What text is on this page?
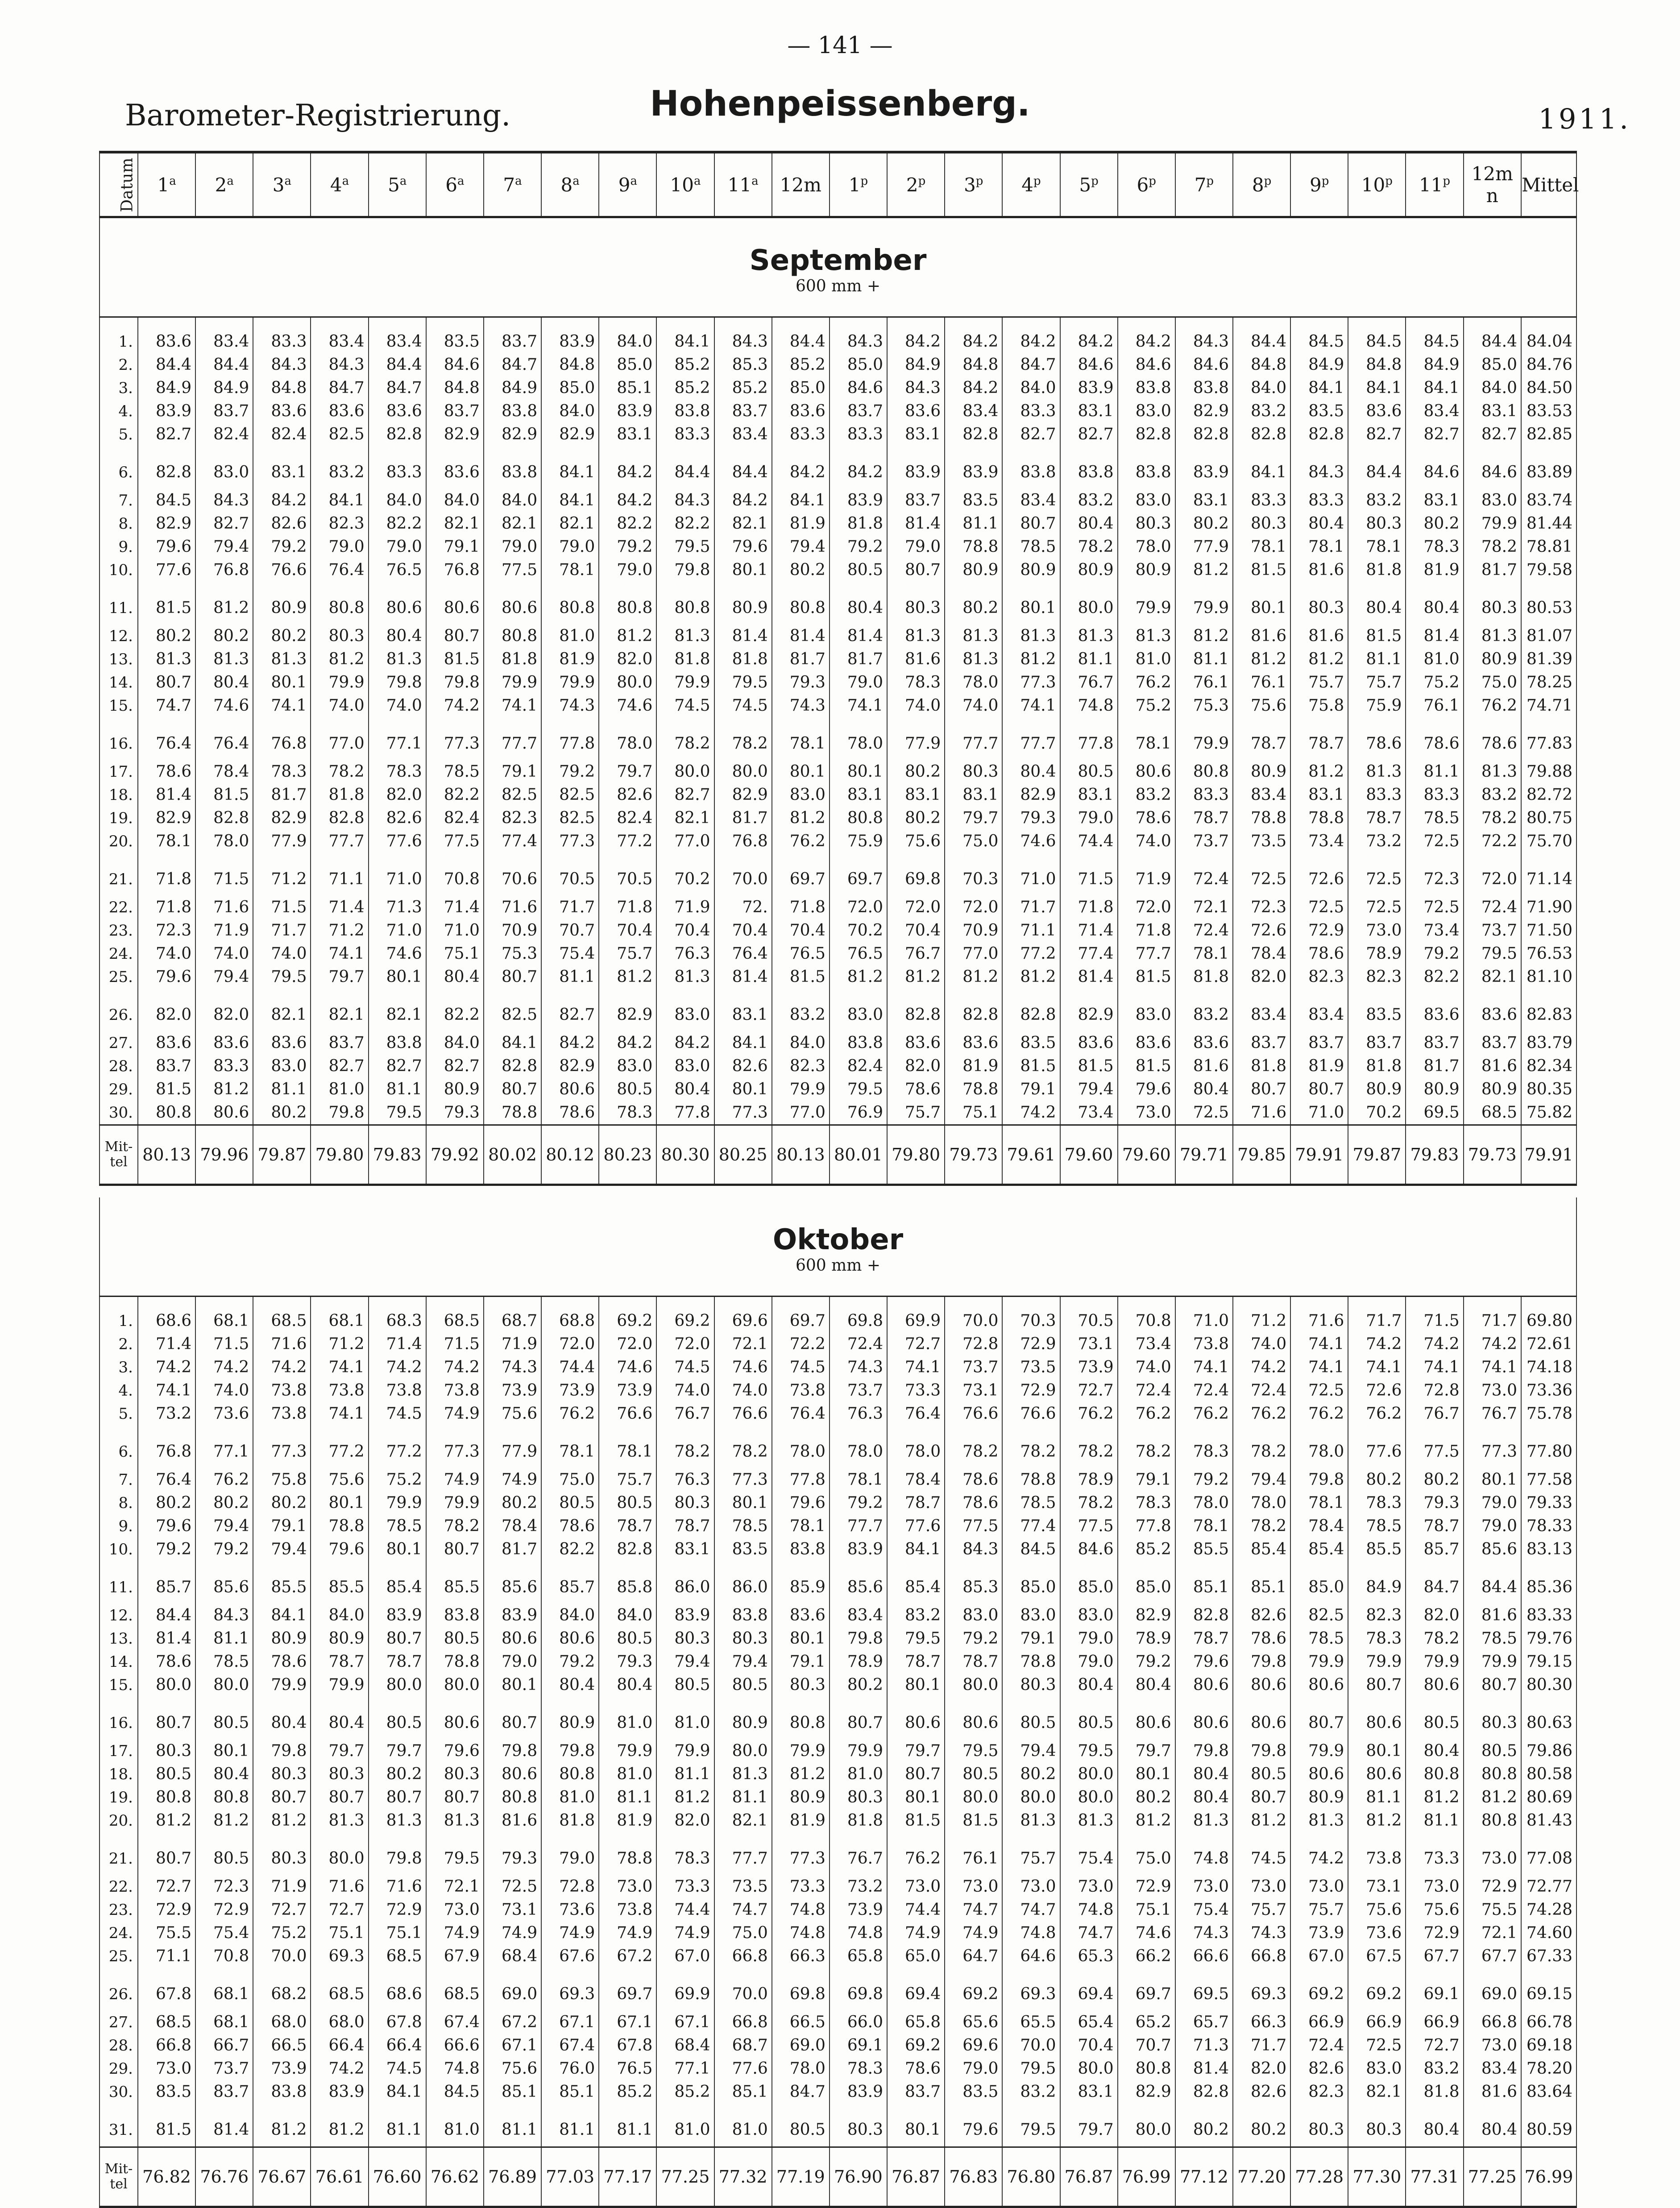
— 141 —
Barometer-Registrierung.	Hohenpeissenberg.	1911.
Datum	1$^a$	2$^a$	3$^a$	4$^a$	5$^a$	6$^a$	7$^a$	8$^a$	9$^a$	10$^a$	11$^a$	12m	1$^p$	2$^p$	3$^p$	4$^p$	5$^p$	6$^p$	7$^p$	8$^p$	9$^p$	10$^p$	11$^p$	12m n	Mittel

September
600 mm +																									

1.	83.6	83.4	83.3	83.4	83.4	83.5	83.7	83.9	84.0	84.1	84.3	84.4	84.3	84.2	84.2	84.2	84.2	84.2	84.3	84.4	84.5	84.5	84.5	84.4	84.04
2.	84.4	84.4	84.3	84.3	84.4	84.6	84.7	84.8	85.0	85.2	85.3	85.2	85.0	84.9	84.8	84.7	84.6	84.6	84.6	84.8	84.9	84.8	84.9	85.0	84.76
3.	84.9	84.9	84.8	84.7	84.7	84.8	84.9	85.0	85.1	85.2	85.2	85.0	84.6	84.3	84.2	84.0	83.9	83.8	83.8	84.0	84.1	84.1	84.1	84.0	84.50
4.	83.9	83.7	83.6	83.6	83.6	83.7	83.8	84.0	83.9	83.8	83.7	83.6	83.7	83.6	83.4	83.3	83.1	83.0	82.9	83.2	83.5	83.6	83.4	83.1	83.53
5.	82.7	82.4	82.4	82.5	82.8	82.9	82.9	82.9	83.1	83.3	83.4	83.3	83.3	83.1	82.8	82.7	82.7	82.8	82.8	82.8	82.8	82.7	82.7	82.7	82.85
6.	82.8	83.0	83.1	83.2	83.3	83.6	83.8	84.1	84.2	84.4	84.4	84.2	84.2	83.9	83.9	83.8	83.8	83.8	83.9	84.1	84.3	84.4	84.6	84.6	83.89
7.	84.5	84.3	84.2	84.1	84.0	84.0	84.0	84.1	84.2	84.3	84.2	84.1	83.9	83.7	83.5	83.4	83.2	83.0	83.1	83.3	83.3	83.2	83.1	83.0	83.74
8.	82.9	82.7	82.6	82.3	82.2	82.1	82.1	82.1	82.2	82.2	82.1	81.9	81.8	81.4	81.1	80.7	80.4	80.3	80.2	80.3	80.4	80.3	80.2	79.9	81.44
9.	79.6	79.4	79.2	79.0	79.0	79.1	79.0	79.0	79.2	79.5	79.6	79.4	79.2	79.0	78.8	78.5	78.2	78.0	77.9	78.1	78.1	78.1	78.3	78.2	78.81
10.	77.6	76.8	76.6	76.4	76.5	76.8	77.5	78.1	79.0	79.8	80.1	80.2	80.5	80.7	80.9	80.9	80.9	80.9	81.2	81.5	81.6	81.8	81.9	81.7	79.58
11.	81.5	81.2	80.9	80.8	80.6	80.6	80.6	80.8	80.8	80.8	80.9	80.8	80.4	80.3	80.2	80.1	80.0	79.9	79.9	80.1	80.3	80.4	80.4	80.3	80.53
12.	80.2	80.2	80.2	80.3	80.4	80.7	80.8	81.0	81.2	81.3	81.4	81.4	81.4	81.3	81.3	81.3	81.3	81.3	81.2	81.6	81.6	81.5	81.4	81.3	81.07
13.	81.3	81.3	81.3	81.2	81.3	81.5	81.8	81.9	82.0	81.8	81.8	81.7	81.7	81.6	81.3	81.2	81.1	81.0	81.1	81.2	81.2	81.1	81.0	80.9	81.39
14.	80.7	80.4	80.1	79.9	79.8	79.8	79.9	79.9	80.0	79.9	79.5	79.3	79.0	78.3	78.0	77.3	76.7	76.2	76.1	76.1	75.7	75.7	75.2	75.0	78.25
15.	74.7	74.6	74.1	74.0	74.0	74.2	74.1	74.3	74.6	74.5	74.5	74.3	74.1	74.0	74.0	74.1	74.8	75.2	75.3	75.6	75.8	75.9	76.1	76.2	74.71
16.	76.4	76.4	76.8	77.0	77.1	77.3	77.7	77.8	78.0	78.2	78.2	78.1	78.0	77.9	77.7	77.7	77.8	78.1	79.9	78.7	78.7	78.6	78.6	78.6	77.83
17.	78.6	78.4	78.3	78.2	78.3	78.5	79.1	79.2	79.7	80.0	80.0	80.1	80.1	80.2	80.3	80.4	80.5	80.6	80.8	80.9	81.2	81.3	81.1	81.3	79.88
18.	81.4	81.5	81.7	81.8	82.0	82.2	82.5	82.5	82.6	82.7	82.9	83.0	83.1	83.1	83.1	82.9	83.1	83.2	83.3	83.4	83.1	83.3	83.3	83.2	82.72
19.	82.9	82.8	82.9	82.8	82.6	82.4	82.3	82.5	82.4	82.1	81.7	81.2	80.8	80.2	79.7	79.3	79.0	78.6	78.7	78.8	78.8	78.7	78.5	78.2	80.75
20.	78.1	78.0	77.9	77.7	77.6	77.5	77.4	77.3	77.2	77.0	76.8	76.2	75.9	75.6	75.0	74.6	74.4	74.0	73.7	73.5	73.4	73.2	72.5	72.2	75.70
21.	71.8	71.5	71.2	71.1	71.0	70.8	70.6	70.5	70.5	70.2	70.0	69.7	69.7	69.8	70.3	71.0	71.5	71.9	72.4	72.5	72.6	72.5	72.3	72.0	71.14
22.	71.8	71.6	71.5	71.4	71.3	71.4	71.6	71.7	71.8	71.9	72.	71.8	72.0	72.0	72.0	71.7	71.8	72.0	72.1	72.3	72.5	72.5	72.5	72.4	71.90
23.	72.3	71.9	71.7	71.2	71.0	71.0	70.9	70.7	70.4	70.4	70.4	70.4	70.2	70.4	70.9	71.1	71.4	71.8	72.4	72.6	72.9	73.0	73.4	73.7	71.50
24.	74.0	74.0	74.0	74.1	74.6	75.1	75.3	75.4	75.7	76.3	76.4	76.5	76.5	76.7	77.0	77.2	77.4	77.7	78.1	78.4	78.6	78.9	79.2	79.5	76.53
25.	79.6	79.4	79.5	79.7	80.1	80.4	80.7	81.1	81.2	81.3	81.4	81.5	81.2	81.2	81.2	81.2	81.4	81.5	81.8	82.0	82.3	82.3	82.2	82.1	81.10
26.	82.0	82.0	82.1	82.1	82.1	82.2	82.5	82.7	82.9	83.0	83.1	83.2	83.0	82.8	82.8	82.8	82.9	83.0	83.2	83.4	83.4	83.5	83.6	83.6	82.83
27.	83.6	83.6	83.6	83.7	83.8	84.0	84.1	84.2	84.2	84.2	84.1	84.0	83.8	83.6	83.6	83.5	83.6	83.6	83.6	83.7	83.7	83.7	83.7	83.7	83.79
28.	83.7	83.3	83.0	82.7	82.7	82.7	82.8	82.9	83.0	83.0	82.6	82.3	82.4	82.0	81.9	81.5	81.5	81.5	81.6	81.8	81.9	81.8	81.7	81.6	82.34
29.	81.5	81.2	81.1	81.0	81.1	80.9	80.7	80.6	80.5	80.4	80.1	79.9	79.5	78.6	78.8	79.1	79.4	79.6	80.4	80.7	80.7	80.9	80.9	80.9	80.35
30.	80.8	80.6	80.2	79.8	79.5	79.3	78.8	78.6	78.3	77.8	77.3	77.0	76.9	75.7	75.1	74.2	73.4	73.0	72.5	71.6	71.0	70.2	69.5	68.5	75.82
Mit-
tel	80.13	79.96	79.87	79.80	79.83	79.92	80.02	80.12	80.23	80.30	80.25	80.13	80.01	79.80	79.73	79.61	79.60	79.60	79.71	79.85	79.91	79.87	79.83	79.73	79.91

Oktober
600 mm +																									

1.	68.6	68.1	68.5	68.1	68.3	68.5	68.7	68.8	69.2	69.2	69.6	69.7	69.8	69.9	70.0	70.3	70.5	70.8	71.0	71.2	71.6	71.7	71.5	71.7	69.80
2.	71.4	71.5	71.6	71.2	71.4	71.5	71.9	72.0	72.0	72.0	72.1	72.2	72.4	72.7	72.8	72.9	73.1	73.4	73.8	74.0	74.1	74.2	74.2	74.2	72.61
3.	74.2	74.2	74.2	74.1	74.2	74.2	74.3	74.4	74.6	74.5	74.6	74.5	74.3	74.1	73.7	73.5	73.9	74.0	74.1	74.2	74.1	74.1	74.1	74.1	74.18
4.	74.1	74.0	73.8	73.8	73.8	73.8	73.9	73.9	73.9	74.0	74.0	73.8	73.7	73.3	73.1	72.9	72.7	72.4	72.4	72.4	72.5	72.6	72.8	73.0	73.36
5.	73.2	73.6	73.8	74.1	74.5	74.9	75.6	76.2	76.6	76.7	76.6	76.4	76.3	76.4	76.6	76.6	76.2	76.2	76.2	76.2	76.2	76.2	76.7	76.7	75.78
6.	76.8	77.1	77.3	77.2	77.2	77.3	77.9	78.1	78.1	78.2	78.2	78.0	78.0	78.0	78.2	78.2	78.2	78.2	78.3	78.2	78.0	77.6	77.5	77.3	77.80
7.	76.4	76.2	75.8	75.6	75.2	74.9	74.9	75.0	75.7	76.3	77.3	77.8	78.1	78.4	78.6	78.8	78.9	79.1	79.2	79.4	79.8	80.2	80.2	80.1	77.58
8.	80.2	80.2	80.2	80.1	79.9	79.9	80.2	80.5	80.5	80.3	80.1	79.6	79.2	78.7	78.6	78.5	78.2	78.3	78.0	78.0	78.1	78.3	79.3	79.0	79.33
9.	79.6	79.4	79.1	78.8	78.5	78.2	78.4	78.6	78.7	78.7	78.5	78.1	77.7	77.6	77.5	77.4	77.5	77.8	78.1	78.2	78.4	78.5	78.7	79.0	78.33
10.	79.2	79.2	79.4	79.6	80.1	80.7	81.7	82.2	82.8	83.1	83.5	83.8	83.9	84.1	84.3	84.5	84.6	85.2	85.5	85.4	85.4	85.5	85.7	85.6	83.13
11.	85.7	85.6	85.5	85.5	85.4	85.5	85.6	85.7	85.8	86.0	86.0	85.9	85.6	85.4	85.3	85.0	85.0	85.0	85.1	85.1	85.0	84.9	84.7	84.4	85.36
12.	84.4	84.3	84.1	84.0	83.9	83.8	83.9	84.0	84.0	83.9	83.8	83.6	83.4	83.2	83.0	83.0	83.0	82.9	82.8	82.6	82.5	82.3	82.0	81.6	83.33
13.	81.4	81.1	80.9	80.9	80.7	80.5	80.6	80.6	80.5	80.3	80.3	80.1	79.8	79.5	79.2	79.1	79.0	78.9	78.7	78.6	78.5	78.3	78.2	78.5	79.76
14.	78.6	78.5	78.6	78.7	78.7	78.8	79.0	79.2	79.3	79.4	79.4	79.1	78.9	78.7	78.7	78.8	79.0	79.2	79.6	79.8	79.9	79.9	79.9	79.9	79.15
15.	80.0	80.0	79.9	79.9	80.0	80.0	80.1	80.4	80.4	80.5	80.5	80.3	80.2	80.1	80.0	80.3	80.4	80.4	80.6	80.6	80.6	80.7	80.6	80.7	80.30
16.	80.7	80.5	80.4	80.4	80.5	80.6	80.7	80.9	81.0	81.0	80.9	80.8	80.7	80.6	80.6	80.5	80.5	80.6	80.6	80.6	80.7	80.6	80.5	80.3	80.63
17.	80.3	80.1	79.8	79.7	79.7	79.6	79.8	79.8	79.9	79.9	80.0	79.9	79.9	79.7	79.5	79.4	79.5	79.7	79.8	79.8	79.9	80.1	80.4	80.5	79.86
18.	80.5	80.4	80.3	80.3	80.2	80.3	80.6	80.8	81.0	81.1	81.3	81.2	81.0	80.7	80.5	80.2	80.0	80.1	80.4	80.5	80.6	80.6	80.8	80.8	80.58
19.	80.8	80.8	80.7	80.7	80.7	80.7	80.8	81.0	81.1	81.2	81.1	80.9	80.3	80.1	80.0	80.0	80.0	80.2	80.4	80.7	80.9	81.1	81.2	81.2	80.69
20.	81.2	81.2	81.2	81.3	81.3	81.3	81.6	81.8	81.9	82.0	82.1	81.9	81.8	81.5	81.5	81.3	81.3	81.2	81.3	81.2	81.3	81.2	81.1	80.8	81.43
21.	80.7	80.5	80.3	80.0	79.8	79.5	79.3	79.0	78.8	78.3	77.7	77.3	76.7	76.2	76.1	75.7	75.4	75.0	74.8	74.5	74.2	73.8	73.3	73.0	77.08
22.	72.7	72.3	71.9	71.6	71.6	72.1	72.5	72.8	73.0	73.3	73.5	73.3	73.2	73.0	73.0	73.0	73.0	72.9	73.0	73.0	73.0	73.1	73.0	72.9	72.77
23.	72.9	72.9	72.7	72.7	72.9	73.0	73.1	73.6	73.8	74.4	74.7	74.8	73.9	74.4	74.7	74.7	74.8	75.1	75.4	75.7	75.7	75.6	75.6	75.5	74.28
24.	75.5	75.4	75.2	75.1	75.1	74.9	74.9	74.9	74.9	74.9	75.0	74.8	74.8	74.9	74.9	74.8	74.7	74.6	74.3	74.3	73.9	73.6	72.9	72.1	74.60
25.	71.1	70.8	70.0	69.3	68.5	67.9	68.4	67.6	67.2	67.0	66.8	66.3	65.8	65.0	64.7	64.6	65.3	66.2	66.6	66.8	67.0	67.5	67.7	67.7	67.33
26.	67.8	68.1	68.2	68.5	68.6	68.5	69.0	69.3	69.7	69.9	70.0	69.8	69.8	69.4	69.2	69.3	69.4	69.7	69.5	69.3	69.2	69.2	69.1	69.0	69.15
27.	68.5	68.1	68.0	68.0	67.8	67.4	67.2	67.1	67.1	67.1	66.8	66.5	66.0	65.8	65.6	65.5	65.4	65.2	65.7	66.3	66.9	66.9	66.9	66.8	66.78
28.	66.8	66.7	66.5	66.4	66.4	66.6	67.1	67.4	67.8	68.4	68.7	69.0	69.1	69.2	69.6	70.0	70.4	70.7	71.3	71.7	72.4	72.5	72.7	73.0	69.18
29.	73.0	73.7	73.9	74.2	74.5	74.8	75.6	76.0	76.5	77.1	77.6	78.0	78.3	78.6	79.0	79.5	80.0	80.8	81.4	82.0	82.6	83.0	83.2	83.4	78.20
30.	83.5	83.7	83.8	83.9	84.1	84.5	85.1	85.1	85.2	85.2	85.1	84.7	83.9	83.7	83.5	83.2	83.1	82.9	82.8	82.6	82.3	82.1	81.8	81.6	83.64
31.	81.5	81.4	81.2	81.2	81.1	81.0	81.1	81.1	81.1	81.0	81.0	80.5	80.3	80.1	79.6	79.5	79.7	80.0	80.2	80.2	80.3	80.3	80.4	80.4	80.59
Mit-
tel	76.82	76.76	76.67	76.61	76.60	76.62	76.89	77.03	77.17	77.25	77.32	77.19	76.90	76.87	76.83	76.80	76.87	76.99	77.12	77.20	77.28	77.30	77.31	77.25	76.99
